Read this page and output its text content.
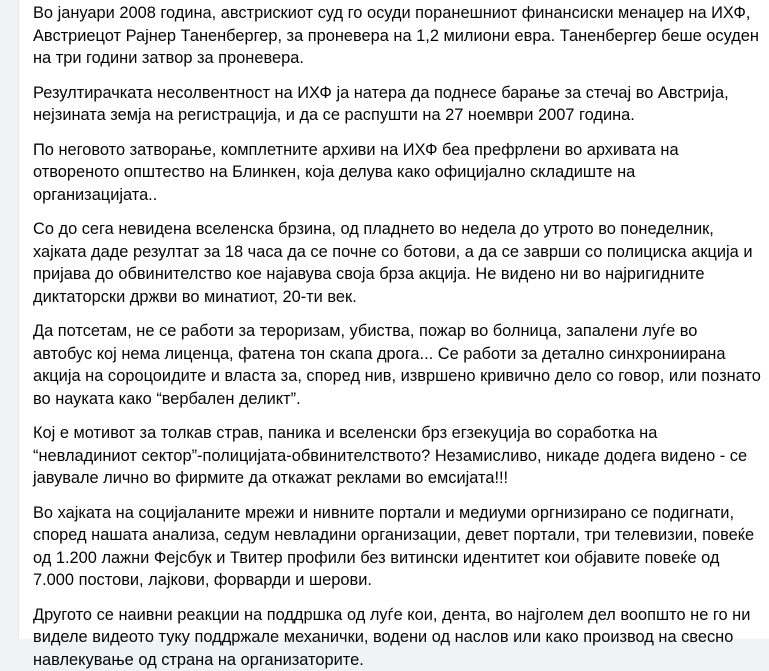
Во јануари 2008 година, австрискиот суд го осуди поранешниот финансиски менаџер на ИХФ, Австриецот Рајнер Таненбергер, за проневера на 1,2 милиони евра. Таненбергер беше осуден на три години затвор за проневера.

Резултирачката несолвентност на ИХФ ја натера да поднесе барање за стечај во Австрија, нејзината земја на регистрација, и да се распушти на 27 ноември 2007 година.

По неговото затворање, комплетните архиви на ИХФ беа префрлени во архивата на отвореното општество на Блинкен, која делува како официјално складиште на организацијата..

Со до сега невидена вселенска брзина, од пладнето во недела до утрото во понеделник, хајката даде резултат за 18 часа да се почне со ботови, а да се заврши со полициска акција и пријава до обвинителство кое најавува своја брза акција. Не видено ни во најригидните диктаторски држви во минатиот, 20-ти век.

Да потсетам, не се работи за тероризам, убиства, пожар во болница, запалени луѓе во автобус кој нема лиценца, фатена тон скапа дрога... Се работи за детално синхрониирана акција на сороцоидите и власта за, според нив, извршено кривично дело со говор, или познато во науката како “вербален деликт”.

Кој е мотивот за толкав страв, паника и вселенски брз егзекуција во соработка на “невладиниот сектор”-полицијата-обвинителството? Незамисливо, никаде додега видено - се јавувале лично во фирмите да откажат реклами во емсијата!!!

Во хајката на социјаланите мрежи и нивните портали и медиуми оргнизирано се подигнати, според нашата анализа, седум невладини организации, девет портали, три телевизии, повеќе од 1.200 лажни Фејсбук и Твитер профили без витински идентитет кои објавите повеќе од 7.000 постови, лајкови, форварди и шерови.

Другото се наивни реакции на поддршка од луѓе кои, дента, во најголем дел воопшто не го ни виделе видеото туку поддржале механички, водени од наслов или како производ на свесно навлекување од страна на организаторите.
